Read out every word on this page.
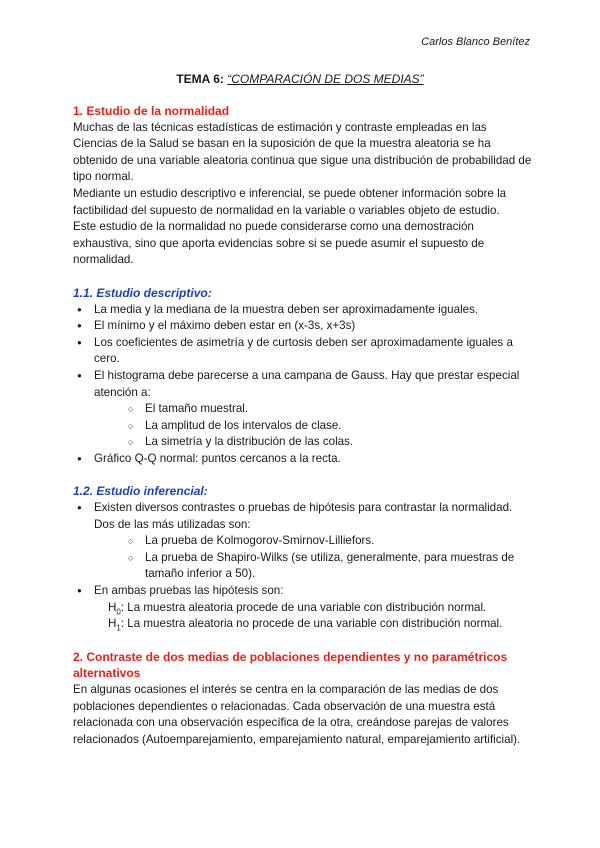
Carlos Blanco Benítez
TEMA 6: “COMPARACIÓN DE DOS MEDIAS”
1. Estudio de la normalidad

Muchas de las técnicas estadísticas de estimación y contraste empleadas en las Ciencias de la Salud se basan en la suposición de que la muestra aleatoria se ha obtenido de una variable aleatoria continua que sigue una distribución de probabilidad de tipo normal.

Mediante un estudio descriptivo e inferencial, se puede obtener información sobre la factibilidad del supuesto de normalidad en la variable o variables objeto de estudio.

Este estudio de la normalidad no puede considerarse como una demostración exhaustiva, sino que aporta evidencias sobre si se puede asumir el supuesto de normalidad.

1.1. Estudio descriptivo:
● La media y la mediana de la muestra deben ser aproximadamente iguales.
● El mínimo y el máximo deben estar en (x-3s, x+3s)
● Los coeficientes de asimetría y de curtosis deben ser aproximadamente iguales a cero.
● El histograma debe parecerse a una campana de Gauss. Hay que prestar especial atención a:
○ El tamaño muestral.
○ La amplitud de los intervalos de clase.
○ La simetría y la distribución de las colas.
● Gráfico Q-Q normal: puntos cercanos a la recta.
1.2. Estudio inferencial:
● Existen diversos contrastes o pruebas de hipótesis para contrastar la normalidad. Dos de las más utilizadas son:
○ La prueba de Kolmogorov-Smirnov-Lilliefors.
○ La prueba de Shapiro-Wilks (se utiliza, generalmente, para muestras de tamaño inferior a 50).
● En ambas pruebas las hipótesis son:
$H_0$: La muestra aleatoria procede de una variable con distribución normal.
$H_1$: La muestra aleatoria no procede de una variable con distribución normal.
2. Contraste de dos medias de poblaciones dependientes y no paramétricos alternativos

En algunas ocasiones el interés se centra en la comparación de las medias de dos poblaciones dependientes o relacionadas. Cada observación de una muestra está relacionada con una observación específica de la otra, creándose parejas de valores relacionados (Autoemparejamiento, emparejamiento natural, emparejamiento artificial).
